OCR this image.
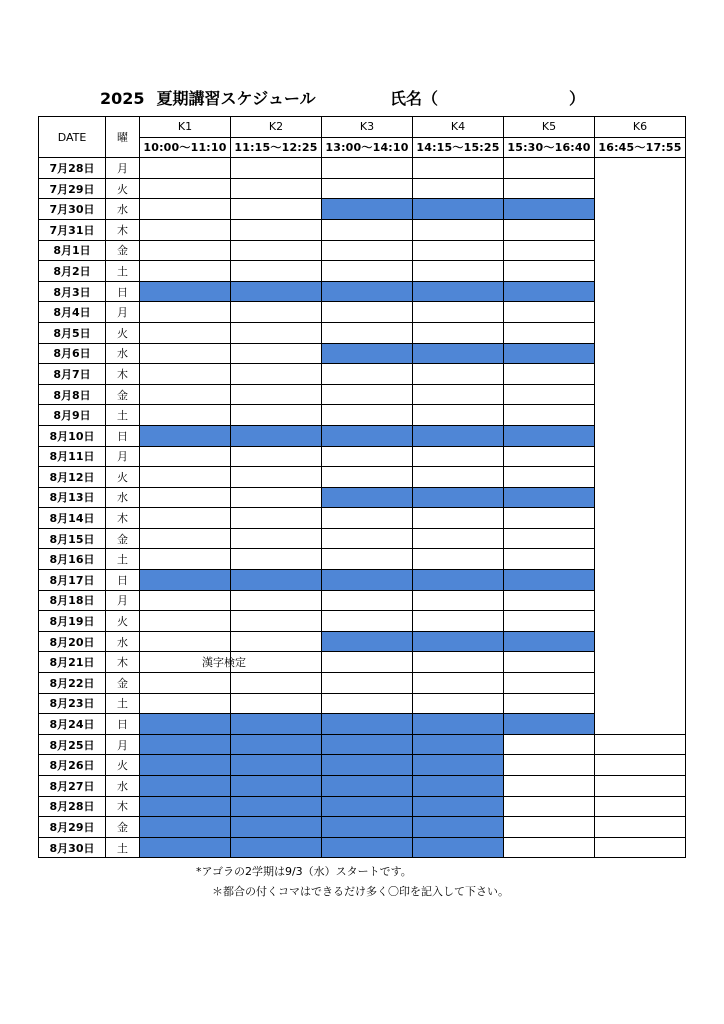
2025 夏期講習スケジュール	氏名（	）
DATE	曜	K1	K2	K3	K4	K5	K6
		10:00〜11:10	11:15〜12:25	13:00〜14:10	14:15〜15:25	15:30〜16:40	16:45〜17:55
7月28日	月						
7月29日	火						
7月30日	水						
7月31日	木						
8月1日	金						
8月2日	土						
8月3日	日						
8月4日	月						
8月5日	火						
8月6日	水						
8月7日	木						
8月8日	金						
8月9日	土						
8月10日	日						
8月11日	月						
8月12日	火						
8月13日	水						
8月14日	木						
8月15日	金						
8月16日	土						
8月17日	日						
8月18日	月						
8月19日	火						
8月20日	水						
8月21日	木	漢字検定					

8月22日	金						
8月23日	土						
8月24日	日						
8月25日	月						
8月26日	火						
8月27日	水						
8月28日	木						
8月29日	金						
8月30日	土						
*アゴラの2学期は9/3（水）スタートです。
＊都合の付くコマはできるだけ多く〇印を記入して下さい。
